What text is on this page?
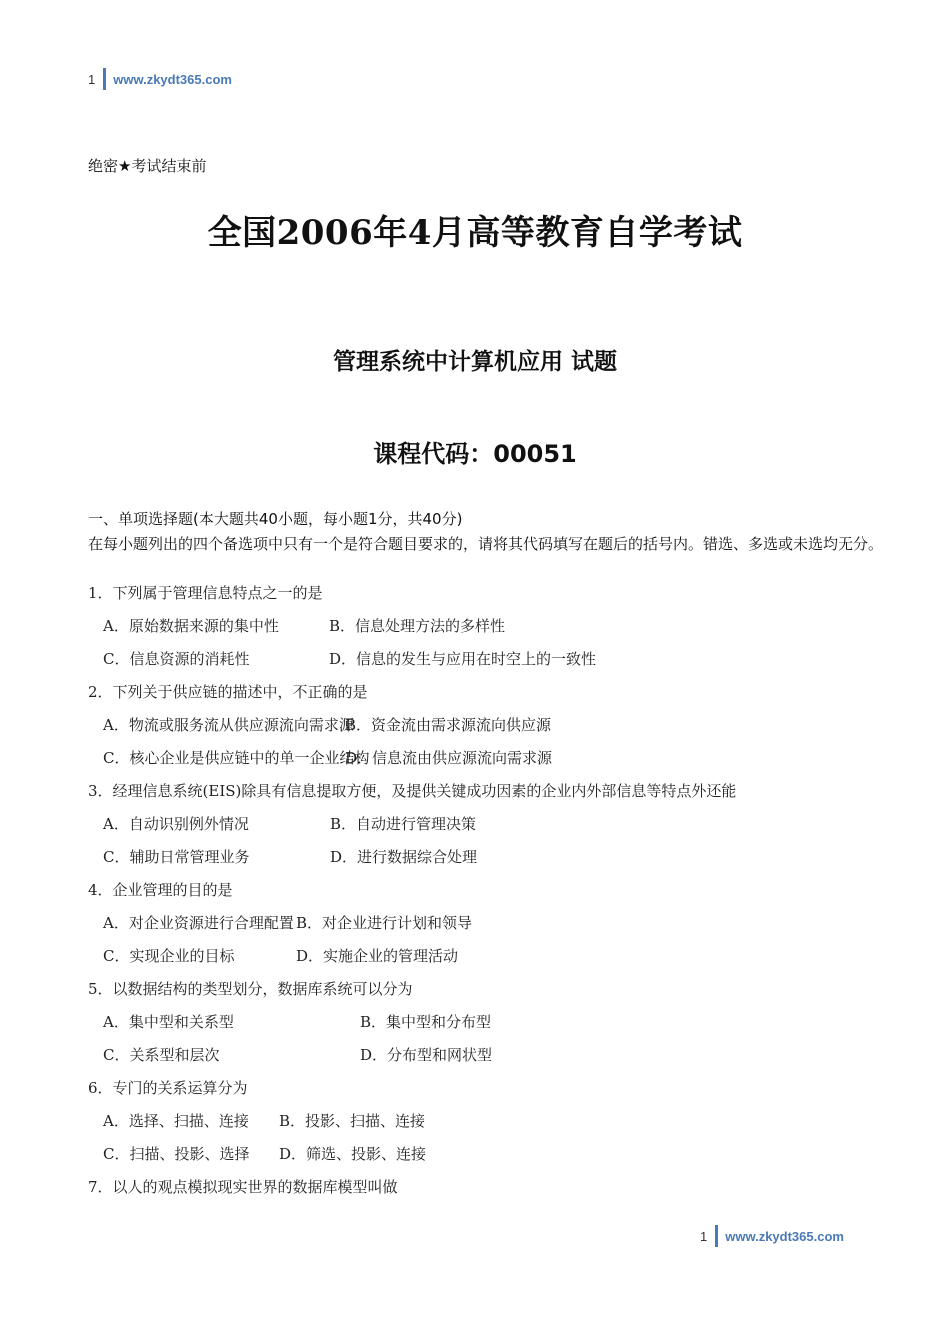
1 www.zkydt365.com
绝密★考试结束前
全国2006年4月高等教育自学考试
管理系统中计算机应用 试题
课程代码：00051
一、单项选择题(本大题共40小题，每小题1分，共40分)
在每小题列出的四个备选项中只有一个是符合题目要求的，请将其代码填写在题后的括号内。错选、多选或未选均无分。
1．下列属于管理信息特点之一的是
A．原始数据来源的集中性	B．信息处理方法的多样性
C．信息资源的消耗性	D．信息的发生与应用在时空上的一致性
2．下列关于供应链的描述中，不正确的是
A．物流或服务流从供应源流向需求源
B．资金流由需求源流向供应源
C．核心企业是供应链中的单一企业结构
D．信息流由供应源流向需求源
3．经理信息系统(EIS)除具有信息提取方便，及提供关键成功因素的企业内外部信息等特点外还能
A．自动识别例外情况	B．自动进行管理决策
C．辅助日常管理业务	D．进行数据综合处理
4．企业管理的目的是
A．对企业资源进行合理配置 B．对企业进行计划和领导
C．实现企业的目标	D．实施企业的管理活动
5．以数据结构的类型划分，数据库系统可以分为
A．集中型和关系型	B．集中型和分布型
C．关系型和层次	D．分布型和网状型
6．专门的关系运算分为
A．选择、扫描、连接	B．投影、扫描、连接
C．扫描、投影、选择	D．筛选、投影、连接
7．以人的观点模拟现实世界的数据库模型叫做
1 www.zkydt365.com
